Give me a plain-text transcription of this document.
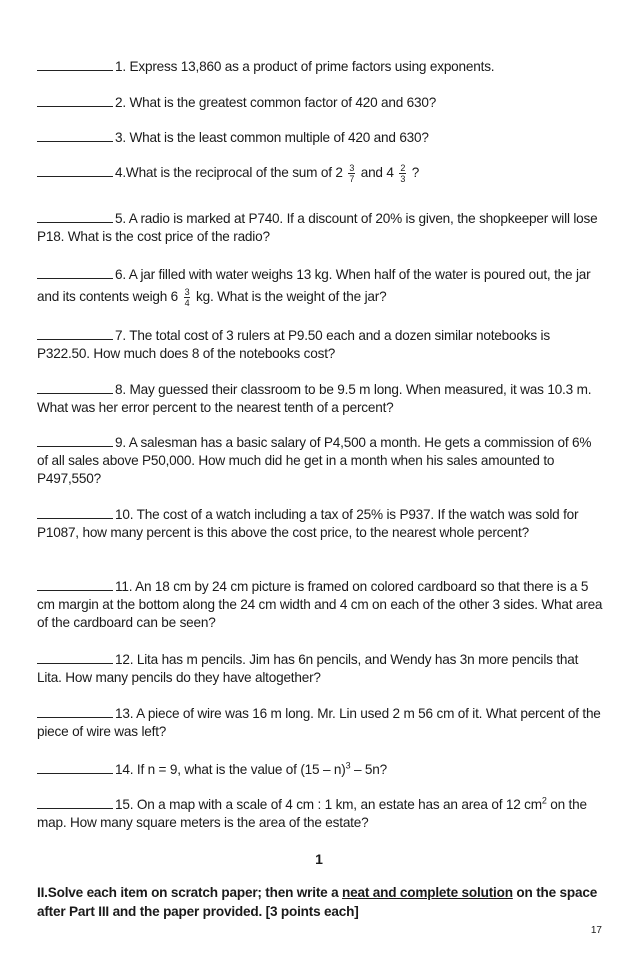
1. Express 13,860 as a product of prime factors using exponents.
2. What is the greatest common factor of 420 and 630?
3. What is the least common multiple of 420 and 630?
4.What is the reciprocal of the sum of $2 \frac{3}{7}$ and $4 \frac{2}{3}$ ?
5. A radio is marked at P740. If a discount of 20% is given, the shopkeeper will lose P18. What is the cost price of the radio?
6. A jar filled with water weighs 13 kg. When half of the water is poured out, the jar and its contents weigh $6 \frac{3}{4}$ kg. What is the weight of the jar?
7. The total cost of 3 rulers at P9.50 each and a dozen similar notebooks is P322.50. How much does 8 of the notebooks cost?
8. May guessed their classroom to be 9.5 m long. When measured, it was 10.3 m. What was her error percent to the nearest tenth of a percent?
9. A salesman has a basic salary of P4,500 a month. He gets a commission of 6% of all sales above P50,000. How much did he get in a month when his sales amounted to P497,550?
10. The cost of a watch including a tax of 25% is P937. If the watch was sold for P1087, how many percent is this above the cost price, to the nearest whole percent?
11. An 18 cm by 24 cm picture is framed on colored cardboard so that there is a 5 cm margin at the bottom along the 24 cm width and 4 cm on each of the other 3 sides. What area of the cardboard can be seen?
12. Lita has m pencils. Jim has 6n pencils, and Wendy has 3n more pencils that Lita. How many pencils do they have altogether?
13. A piece of wire was 16 m long. Mr. Lin used 2 m 56 cm of it. What percent of the piece of wire was left?
14. If n = 9, what is the value of (15 – n)$^3$ – 5n?
15. On a map with a scale of 4 cm : 1 km, an estate has an area of 12 $cm^2$ on the map. How many square meters is the area of the estate?
1
II.Solve each item on scratch paper; then write a neat and complete solution on the space after Part III and the paper provided. [3 points each]
17
